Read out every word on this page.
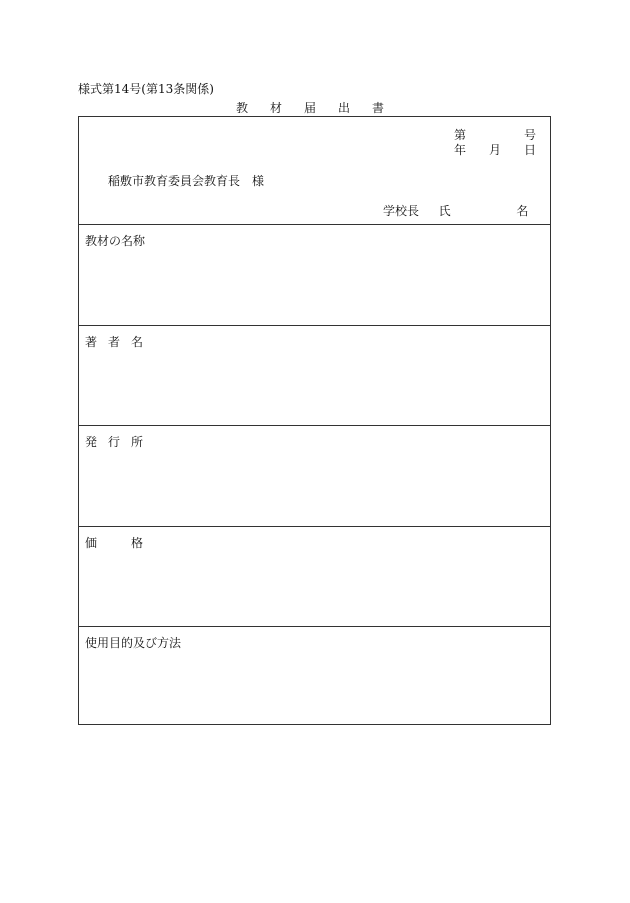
様式第14号(第13条関係)
教材届出書
第	号
年 月 日
稲敷市教育委員会教育長　様
学校長 氏	名
教材の名称
著者名
発行所
価格
使用目的及び方法
